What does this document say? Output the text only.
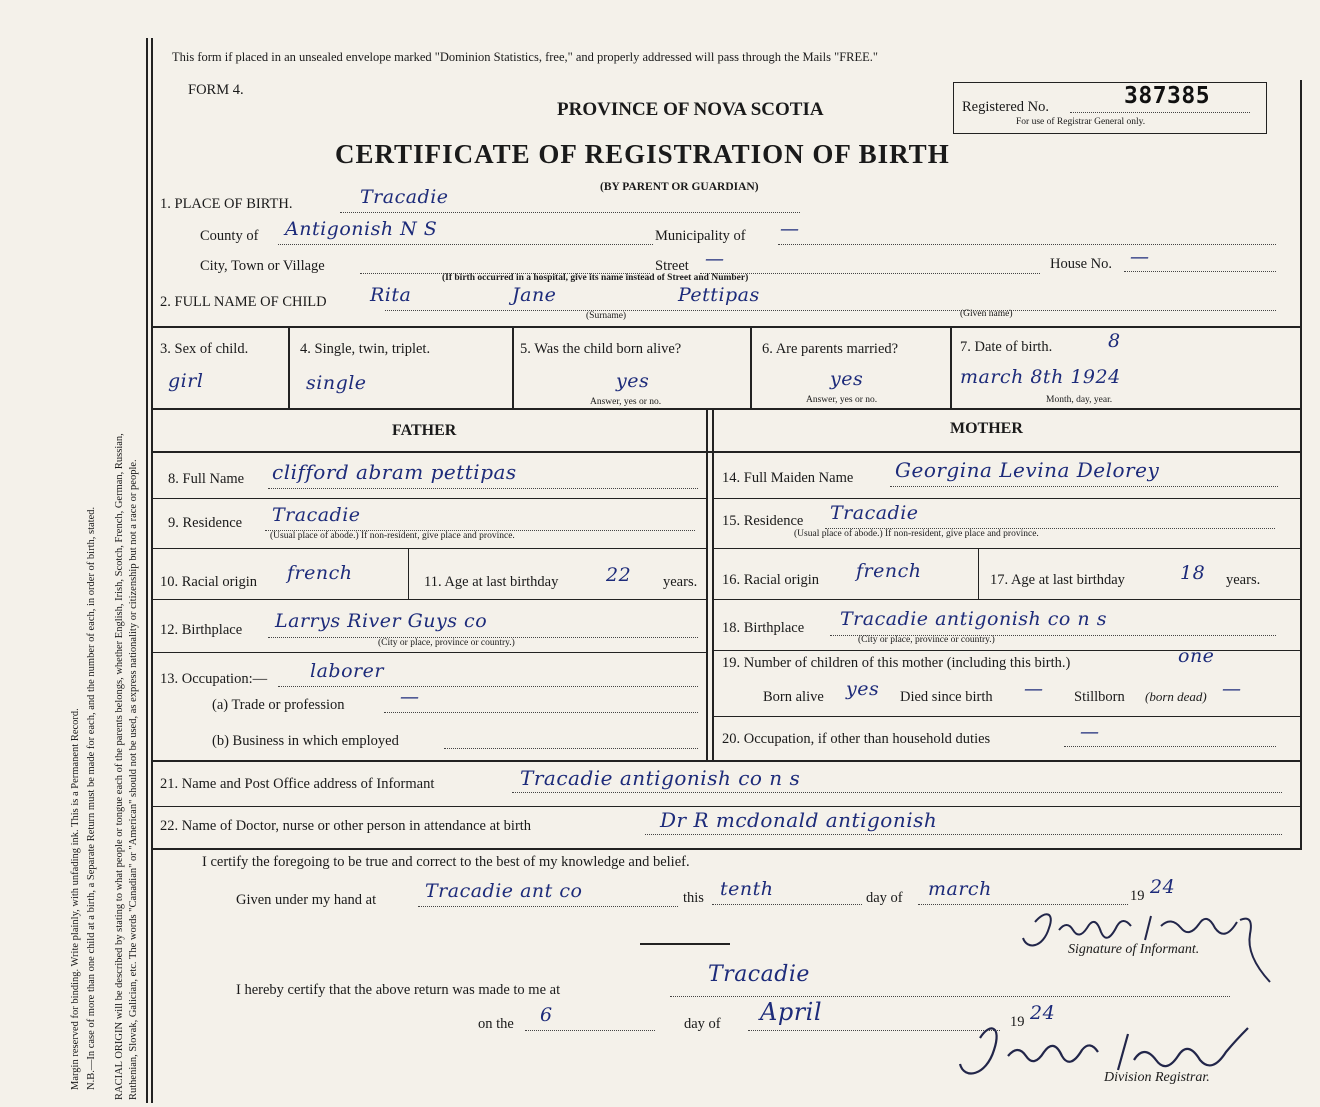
Margin reserved for binding. Write plainly, with unfading ink. This is a Permanent Record. N.B.—In case of more than one child at a birth, a Separate Return must be made for each, and the number of each, in order of birth, stated. RACIAL ORIGIN will be described by stating to what people or tongue each of the parents belongs, whether English, Irish, Scotch, French, German, Russian, Ruthenian, Slovak, Galician, etc. The words "Canadian" or "American" should not be used, as express nationality or citizenship but not a race or people.
This form if placed in an unsealed envelope marked "Dominion Statistics, free," and properly addressed will pass through the Mails "FREE."
FORM 4.
PROVINCE OF NOVA SCOTIA
CERTIFICATE OF REGISTRATION OF BIRTH
(BY PARENT OR GUARDIAN)
Registered No.	387385
For use of Registrar General only.
1. PLACE OF BIRTH.	Tracadie
County of Antigonish N S	Municipality of —
City, Town or Village	Street —	House No. —
(If birth occurred in a hospital, give its name instead of Street and Number)
2. FULL NAME OF CHILD Rita	Jane	Pettipas
(Surname)	(Given name)
3. Sex of child.
girl
4. Single, twin, triplet.
single
5. Was the child born alive?
yes
Answer, yes or no.
6. Are parents married?
yes
Answer, yes or no.
7. Date of birth.	8
march 8th 1924
Month, day, year.
FATHER	MOTHER
8. Full Name clifford abram pettipas
9. Residence Tracadie
(Usual place of abode.) If non-resident, give place and province.
10. Racial origin french	11. Age at last birthday	22 years.
12. Birthplace Larrys River Guys co
(City or place, province or country.)
13. Occupation:— laborer
(a) Trade or profession	—
(b) Business in which employed
14. Full Maiden Name Georgina Levina Delorey
15. Residence Tracadie
(Usual place of abode.) If non-resident, give place and province.
16. Racial origin french	17. Age at last birthday	18 years.
18. Birthplace Tracadie antigonish co n s
(City or place, province or country.)
19. Number of children of this mother (including this birth.)	one
Born alive yes Died since birth — Stillborn (born dead) —
20. Occupation, if other than household duties	—
21. Name and Post Office address of Informant	Tracadie antigonish co n s
22. Name of Doctor, nurse or other person in attendance at birth	Dr R mcdonald antigonish
I certify the foregoing to be true and correct to the best of my knowledge and belief.
Given under my hand at	Tracadie ant co	this tenth	day of march	19 24
Signature of Informant.
I hereby certify that the above return was made to me at
Tracadie
on the 6	day of April	19 24
Division Registrar.
